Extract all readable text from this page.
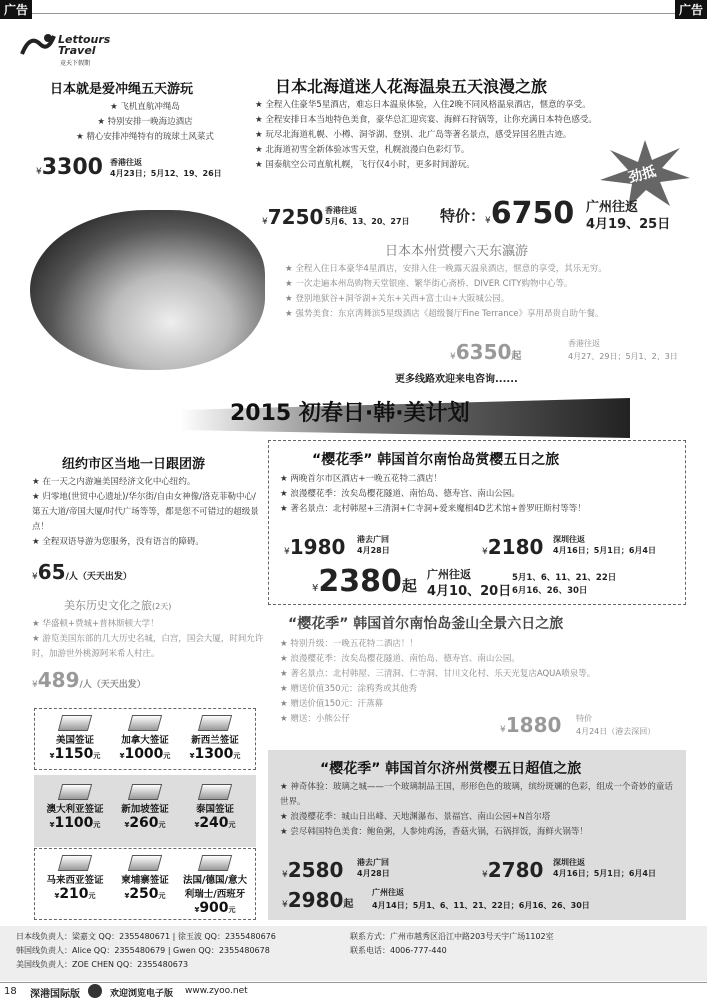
广告	广告
Lettours Travel
竟天下假期
日本就是爱冲绳五天游玩
★ 飞机直航冲绳岛
★ 特别安排一晚海边酒店
★ 精心安排冲绳特有的琉球土风菜式
¥3300 香港往返
4月23日；5月12、19、26日
日本北海道迷人花海温泉五天浪漫之旅
★ 全程入住豪华5星酒店，难忘日本温泉体验，入住2晚不同风格温泉酒店，惬意的享受。
★ 全程安排日本当地特色美食，豪华总汇迎宾宴、海鲜石狩锅等，让你充满日本特色感受。
★ 玩尽北海道札幌、小樽、洞爷湖、登别、北广岛等著名景点，感受异国名胜古迹。
★ 北海道初雪全新体验冰雪天堂，札幌浪漫白色彩灯节。
★ 国泰航空公司直航札幌，飞行仅4小时，更多时间游玩。	劲抵
¥7250 香港往返
5月6、13、20、27日 特价： ¥6750 广州往返
4月19、25日
日本本州赏樱六天东瀛游
★ 全程入住日本豪华4星酒店，安排入住一晚露天温泉酒店，惬意的享受，其乐无穷。
★ 一次走遍本州岛购物天堂银座、繁华街心斋桥、DIVER CITY购物中心等。
★ 登别地狱谷+洞爷湖+关东+关西+富士山+大阪城公园。
★ 强势美食：东京湾舞滨5星级酒店《超级餐厅Fine Terrance》享用昂贵自助午餐。
¥6350起
香港往返
4月27、29日；5月1、2、3日
更多线路欢迎来电咨询......
2015 初春日·韩·美计划
纽约市区当地一日跟团游
★ 在一天之内游遍美国经济文化中心纽约。
★ 归零地(世贸中心遗址)/华尔街/自由女神像/洛克菲勒中心/第五大道/帝国大厦/时代广场等等，都是您不可错过的超级景点！
★ 全程双语导游为您服务，没有语言的障碍。
¥65/人（天天出发）
美东历史文化之旅(2天)
★ 华盛顿+费城+普林斯顿大学！
★ 游览美国东部的几大历史名城，白宫，国会大厦，时间允许时，加游世外桃源阿米希人村庄。
¥489/人（天天出发）
美国签证
¥1150元
加拿大签证
¥1000元
新西兰签证
¥1300元
澳大利亚签证
¥1100元
新加坡签证
¥260元
泰国签证
¥240元
马来西亚签证
¥210元
柬埔寨签证
¥250元
法国/德国/意大利瑞士/西班牙
¥900元
“樱花季” 韩国首尔南怡岛赏樱五日之旅
★ 两晚首尔市区酒店+一晚五花特二酒店！
★ 浪漫樱花季：汝矣岛樱花隧道、南怡岛、德寿宫、南山公园。
★ 著名景点：北村韩屋+三清洞+仁寺洞+爱来魔相4D艺术馆+普罗旺斯村等等！
¥1980 港去广回
4月28日	¥2180 深圳往返
4月16日；5月1日；6月4日
¥2380起
广州往返
4月10、20日
5月1、6、11、21、22日
6月16、26、30日
“樱花季” 韩国首尔南怡岛釜山全景六日之旅
★ 特别升级：一晚五花特二酒店！！
★ 浪漫樱花季：汝矣岛樱花隧道、南怡岛、德寿宫、南山公园。
★ 著名景点：北村韩屋、三清洞、仁寺洞、甘川文化村、乐天光复店AQUA喷泉等。
★ 赠送价值350元：涂鸦秀或其他秀
★ 赠送价值150元：汗蒸幕
★ 赠送：小熊公仔
¥1880 特价
4月24日（港去深回）
“樱花季” 韩国首尔济州赏樱五日超值之旅
★ 神奇体验：玻璃之城——一个玻璃制品王国，形形色色的玻璃，缤纷斑斓的色彩，组成一个奇妙的童话世界。
★ 浪漫樱花季：城山日出峰、天地渊瀑布、景福宫、南山公园+N首尔塔
★ 尝尽韩国特色美食：鲍鱼粥，人参炖鸡汤，香菇火锅，石锅拌饭，海鲜火锅等！
¥2580 港去广回
4月28日	¥2780 深圳往返
4月16日；5月1日；6月4日
¥2980起
广州往返
4月14日；5月1、6、11、21、22日；6月16、26、30日
日本线负责人：梁嘉文 QQ：2355480671 | 徐玉波 QQ：2355480676
韩国线负责人：Alice QQ：2355480679 | Gwen QQ：2355480678
美国线负责人：ZOE CHEN QQ：2355480673
联系方式：广州市越秀区沿江中路203号天宇广场1102室
联系电话：4006-777-440
18 深港国际版	欢迎浏览电子版 www.zyoo.net
